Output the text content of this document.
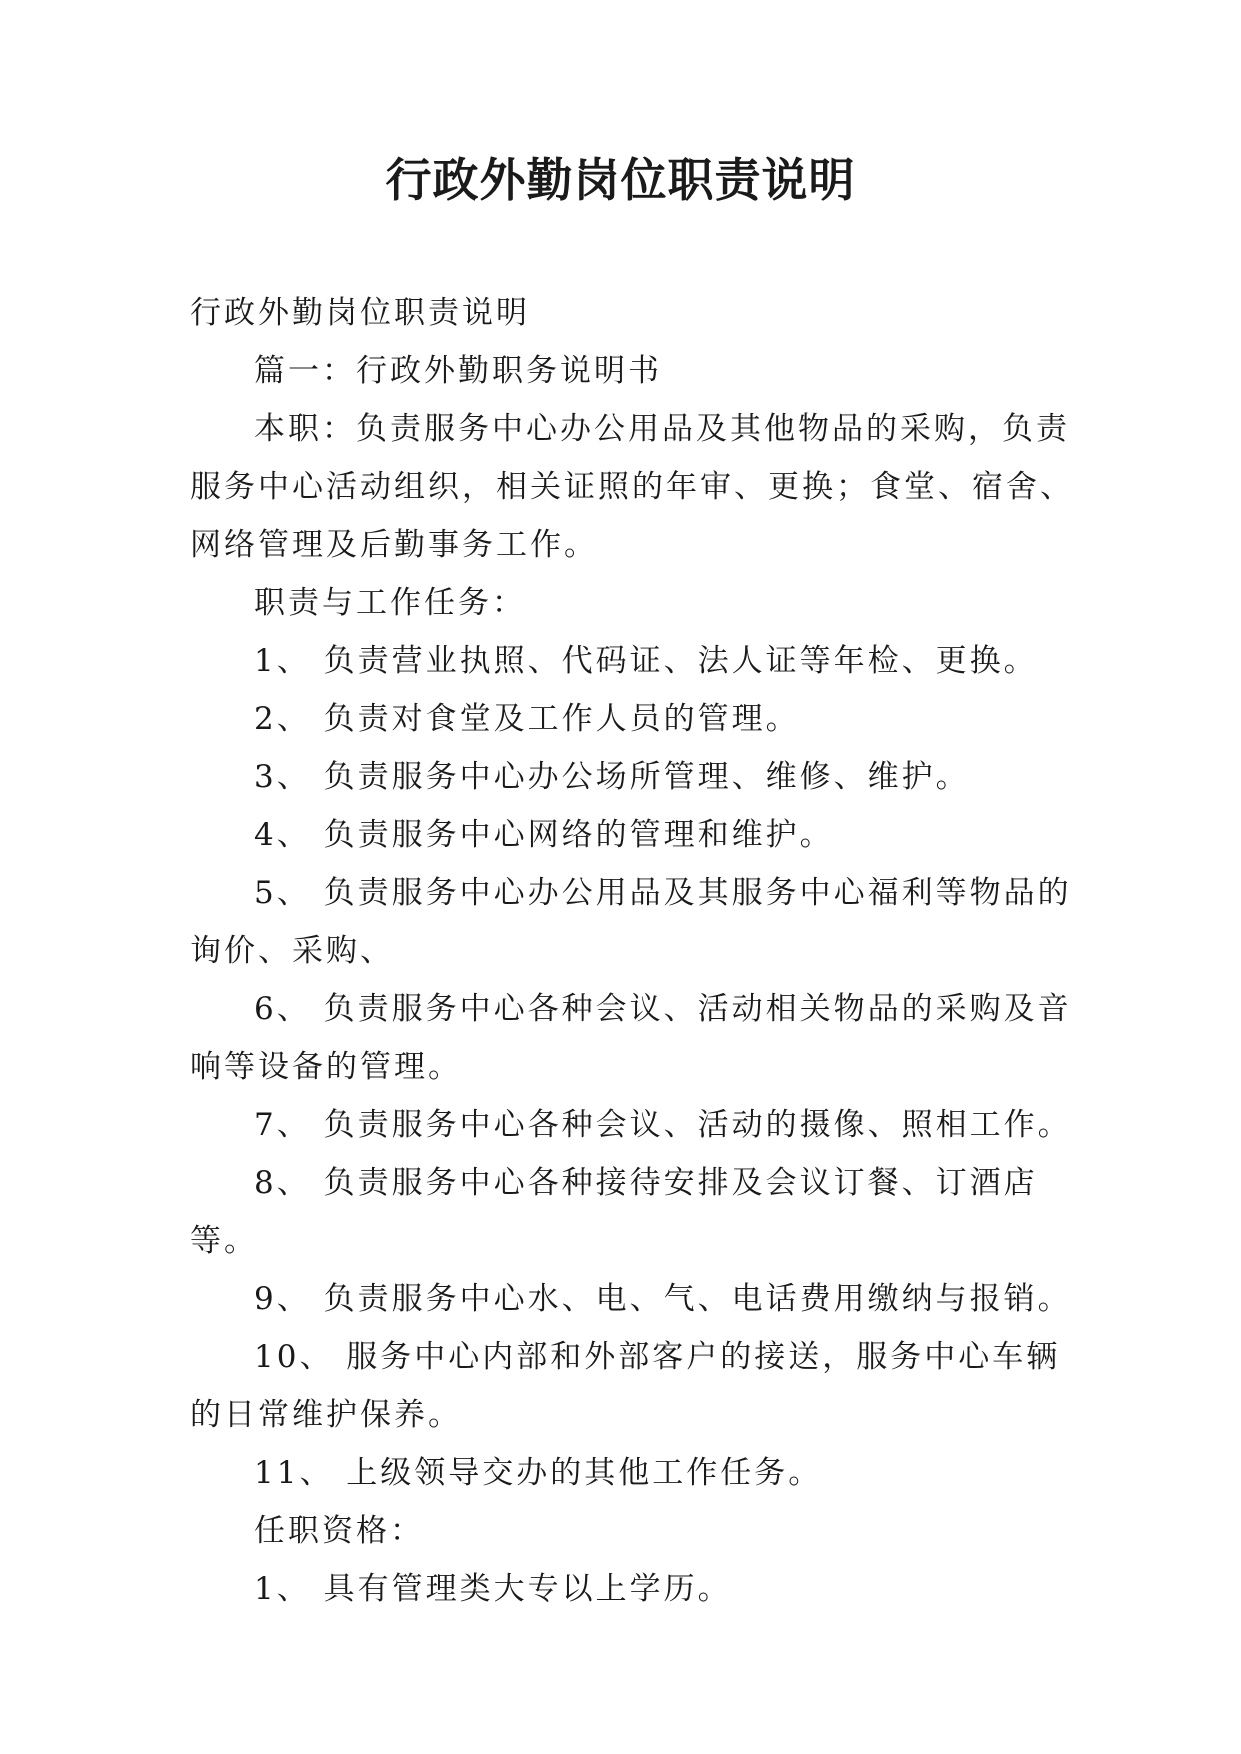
行政外勤岗位职责说明

行政外勤岗位职责说明

篇一：行政外勤职务说明书

本职：负责服务中心办公用品及其他物品的采购，负责服务中心活动组织，相关证照的年审、更换；食堂、宿舍、网络管理及后勤事务工作。

职责与工作任务：

1、 负责营业执照、代码证、法人证等年检、更换。

2、 负责对食堂及工作人员的管理。

3、 负责服务中心办公场所管理、维修、维护。

4、 负责服务中心网络的管理和维护。

5、 负责服务中心办公用品及其服务中心福利等物品的询价、采购、

6、 负责服务中心各种会议、活动相关物品的采购及音响等设备的管理。

7、 负责服务中心各种会议、活动的摄像、照相工作。

8、 负责服务中心各种接待安排及会议订餐、订酒店等。

9、 负责服务中心水、电、气、电话费用缴纳与报销。

10、 服务中心内部和外部客户的接送，服务中心车辆的日常维护保养。

11、 上级领导交办的其他工作任务。

任职资格：

1、 具有管理类大专以上学历。
